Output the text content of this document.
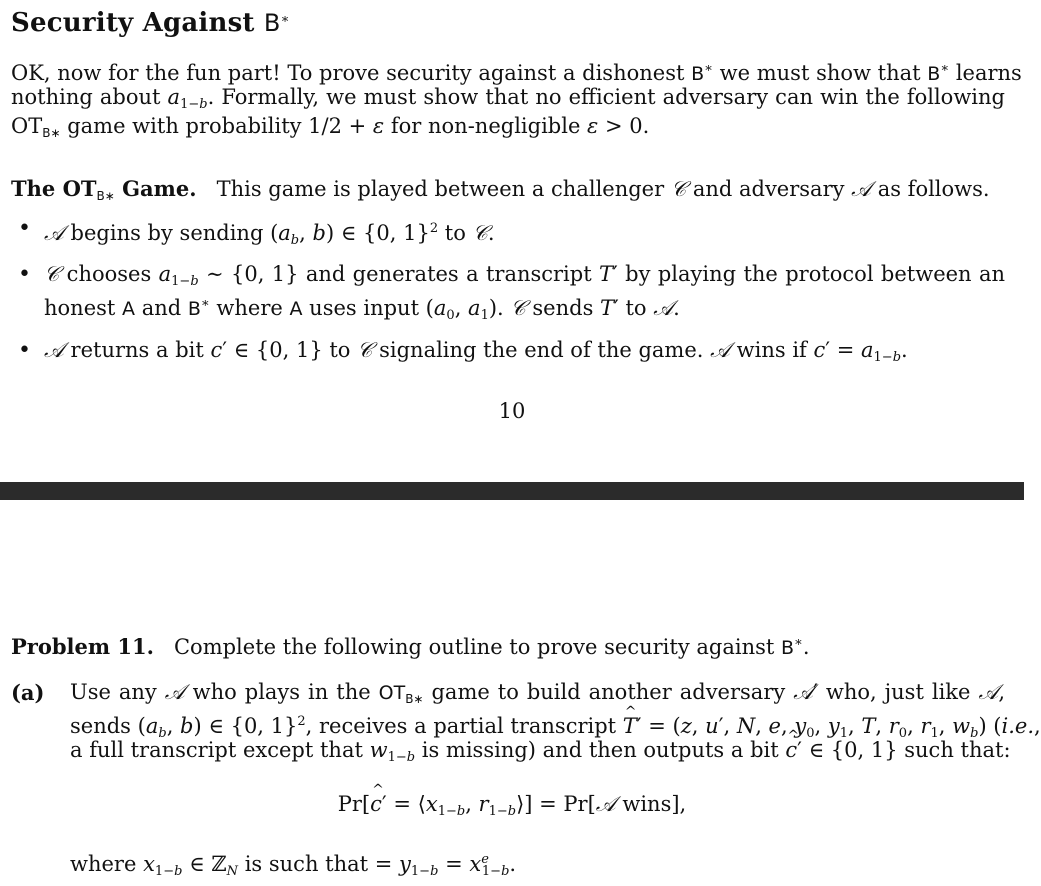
Security Against B∗
OK, now for the fun part! To prove security against a dishonest B∗ we must show that B∗ learns
nothing about $a_{1-b}$. Formally, we must show that no efficient adversary can win the following
$OT_{B∗}$ game with probability 1/2 + ε for non-negligible ε > 0.
The $OT_{B∗}$ Game. This game is played between a challenger 𝒞 and adversary 𝒜 as follows.
• 𝒜 begins by sending ($a_b$, b) ∈ {0, 1}$^2$ to 𝒞.
• 𝒞 chooses $a_{1-b}$ ∼ {0, 1} and generates a transcript T′ by playing the protocol between an
honest A and B∗ where A uses input ($a_0$, $a_1$). 𝒞 sends T′ to 𝒜.
• 𝒜 returns a bit c′ ∈ {0, 1} to 𝒞 signaling the end of the game. 𝒜 wins if $c' = a_{1-b}$.
10
Problem 11.   Complete the following outline to prove security against B∗.
(a) Use any 𝒜 who plays in the $OT_{B∗}$ game to build another adversary 𝒜′ who, just like 𝒜,
sends ($a_b$, b) ∈ {0, 1}$^2$, receives a partial transcript ^ T′ = (z, u′, N, e, $y_0$, $y_1$, T, $r_0$, $r_1$, $w_b$) (i.e.,
a full transcript except that $w_{1-b}$ is missing) and then outputs a bit ^ c′ ∈ {0, 1} such that:
Pr[^ $c' = ⟨x_{1-b}$, $r_{1-b}⟩$] = Pr[𝒜 wins],
where $x_{1-b}$ ∈ ℤ$_N$ is such that = $y_{1-b} = x^e_{1-b}$.
